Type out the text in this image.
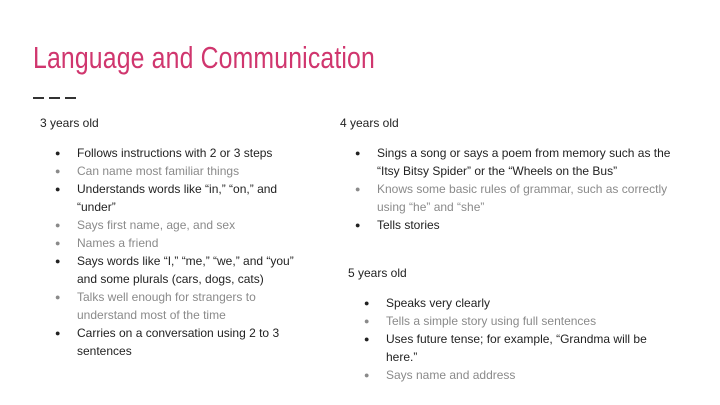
Language and Communication
3 years old
● Follows instructions with 2 or 3 steps
● Can name most familiar things
● Understands words like “in,” “on,” and “under”
● Says first name, age, and sex
● Names a friend
● Says words like “I,” “me,” “we,” and “you” and some plurals (cars, dogs, cats)
● Talks well enough for strangers to understand most of the time
● Carries on a conversation using 2 to 3 sentences
4 years old
● Sings a song or says a poem from memory such as the “Itsy Bitsy Spider” or the “Wheels on the Bus”
● Knows some basic rules of grammar, such as correctly using “he” and “she”
● Tells stories
5 years old
● Speaks very clearly
● Tells a simple story using full sentences
● Uses future tense; for example, “Grandma will be here.”
● Says name and address
